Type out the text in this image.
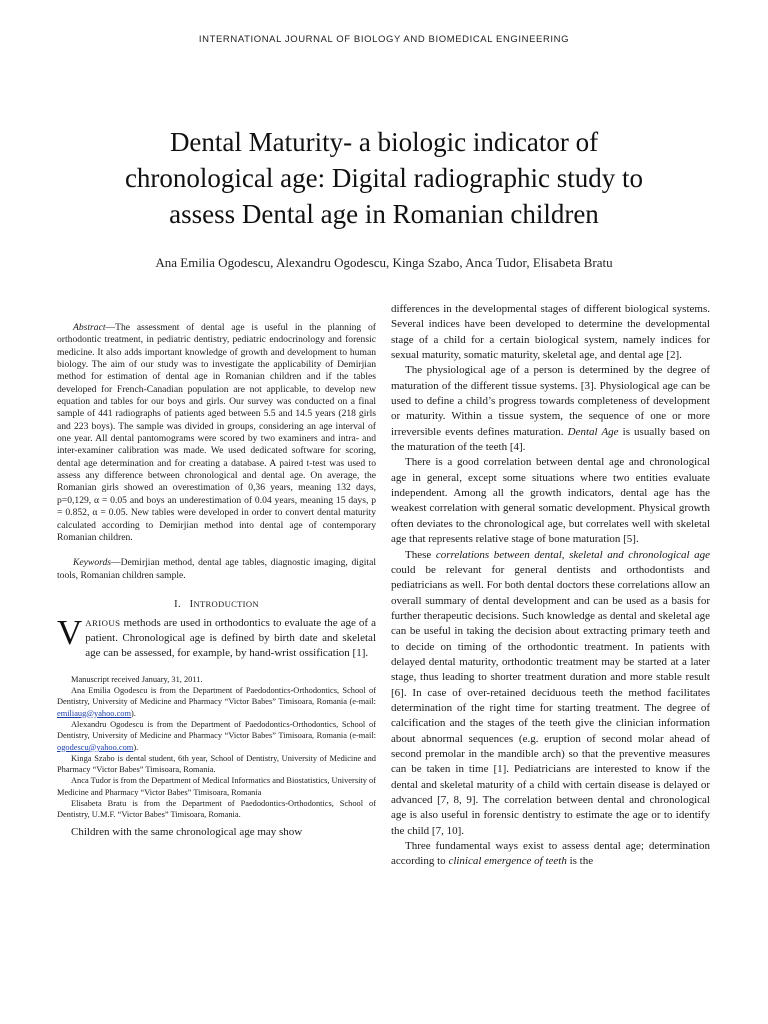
INTERNATIONAL JOURNAL OF BIOLOGY AND BIOMEDICAL ENGINEERING
Dental Maturity- a biologic indicator of
chronological age: Digital radiographic study to
assess Dental age in Romanian children
Ana Emilia Ogodescu, Alexandru Ogodescu, Kinga Szabo, Anca Tudor, Elisabeta Bratu

Abstract—The assessment of dental age is useful in the planning of orthodontic treatment, in pediatric dentistry, pediatric endocrinology and forensic medicine. It also adds important knowledge of growth and development to human biology. The aim of our study was to investigate the applicability of Demirjian method for estimation of dental age in Romanian children and if the tables developed for French-Canadian population are not applicable, to develop new equation and tables for our boys and girls. Our survey was conducted on a final sample of 441 radiographs of patients aged between 5.5 and 14.5 years (218 girls and 223 boys). The sample was divided in groups, considering an age interval of one year. All dental pantomograms were scored by two examiners and intra- and inter-examiner calibration was made. We used dedicated software for scoring, dental age determination and for creating a database. A paired t-test was used to assess any difference between chronological and dental age. On average, the Romanian girls showed an overestimation of 0,36 years, meaning 132 days, p=0,129, α = 0.05 and boys an underestimation of 0.04 years, meaning 15 days, p = 0.852, α = 0.05. New tables were developed in order to convert dental maturity calculated according to Demirjian method into dental age of contemporary Romanian children.

Keywords—Demirjian method, dental age tables, diagnostic imaging, digital tools, Romanian children sample.

I. INTRODUCTION

VARIOUS methods are used in orthodontics to evaluate the age of a patient. Chronological age is defined by birth date and skeletal age can be assessed, for example, by hand-wrist ossification [1].

Manuscript received January, 31, 2011.

Ana Emilia Ogodescu is from the Department of Paedodontics-Orthodontics, School of Dentistry, University of Medicine and Pharmacy “Victor Babes” Timisoara, Romania (e-mail: emiliaug@yahoo.com).

Alexandru Ogodescu is from the Department of Paedodontics-Orthodontics, School of Dentistry, University of Medicine and Pharmacy “Victor Babes” Timisoara, Romania (e-mail: ogodescu@yahoo.com).

Kinga Szabo is dental student, 6th year, School of Dentistry, University of Medicine and Pharmacy “Victor Babes” Timisoara, Romania.

Anca Tudor is from the Department of Medical Informatics and Biostatistics, University of Medicine and Pharmacy “Victor Babes” Timisoara, Romania

Elisabeta Bratu is from the Department of Paedodontics-Orthodontics, School of Dentistry, U.M.F. “Victor Babes” Timisoara, Romania.

Children with the same chronological age may show

differences in the developmental stages of different biological systems. Several indices have been developed to determine the developmental stage of a child for a certain biological system, namely indices for sexual maturity, somatic maturity, skeletal age, and dental age [2].

The physiological age of a person is determined by the degree of maturation of the different tissue systems. [3]. Physiological age can be used to define a child’s progress towards completeness of development or maturity. Within a tissue system, the sequence of one or more irreversible events defines maturation. Dental Age is usually based on the maturation of the teeth [4].

There is a good correlation between dental age and chronological age in general, except some situations where two entities evaluate independent. Among all the growth indicators, dental age has the weakest correlation with general somatic development. Physical growth often deviates to the chronological age, but correlates well with skeletal age that represents relative stage of bone maturation [5].

These correlations between dental, skeletal and chronological age could be relevant for general dentists and orthodontists and pediatricians as well. For both dental doctors these correlations allow an overall summary of dental development and can be used as a basis for further therapeutic decisions. Such knowledge as dental and skeletal age can be useful in taking the decision about extracting primary teeth and to decide on timing of the orthodontic treatment. In patients with delayed dental maturity, orthodontic treatment may be started at a later stage, thus leading to shorter treatment duration and more stable result [6]. In case of over-retained deciduous teeth the method facilitates determination of the right time for starting treatment. The degree of calcification and the stages of the teeth give the clinician information about abnormal sequences (e.g. eruption of second molar ahead of second premolar in the mandible arch) so that the preventive measures can be taken in time [1]. Pediatricians are interested to know if the dental and skeletal maturity of a child with certain disease is delayed or advanced [7, 8, 9]. The correlation between dental and chronological age is also useful in forensic dentistry to estimate the age or to identify the child [7, 10].

Three fundamental ways exist to assess dental age; determination according to clinical emergence of teeth is the
